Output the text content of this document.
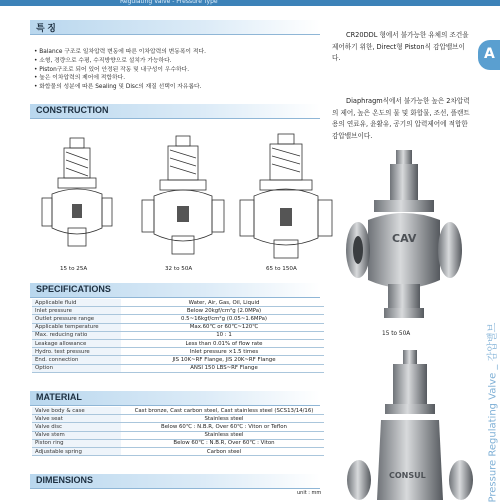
Regulating Valve - Pressure Type
특 징
• Balance 구조로 일차압력 변동에 따른 이차압력의 변동폭이 적다.
• 소형, 경량으로 수평, 수직방향으로 설치가 가능하다.
• Piston구조로 되어 있어 안정된 작동 및 내구성이 우수하다.
• 높은 이차압력의 제어에 적합하다.
• 화합물의 성분에 따른 Sealing 및 Disc의 재질 선택이 자유롭다.
CONSTRUCTION
15 to 25A	32 to 50A	65 to 150A
SPECIFICATIONS
Applicable fluid	Water, Air, Gas, Oil, Liquid
Inlet pressure	Below 20kgf/cm²g (2.0MPa)
Outlet pressure range	0.5~16kgf/cm²g (0.05~1.6MPa)
Applicable temperature	Max.60℃ or 60℃~120℃
Max. reducing ratio	10 : 1
Leakage allowance	Less than 0.01% of flow rate
Hydro. test pressure	Inlet pressure ×1.5 times
End. connection	JIS 10K~RF Flange, JIS 20K~RF Flange
Option	ANSI 150 LBS~RF Flange
MATERIAL
Valve body & case	Cast bronze, Cast carbon steel, Cast stainless steel (SCS13/14/16)
Valve seat	Stainless steel
Valve disc	Below 60℃ : N.B.R, Over 60℃ : Viton or Teflon
Valve stem	Stainless steel
Piston ring	Below 60℃ : N.B.R, Over 60℃ : Viton
Adjustable spring	Carbon steel
DIMENSIONS
unit : mm
A

CR20DDL 형에서 불가능한 유체의 조건을 제어하기 위한, Direct형 Piston식 감압밸브이다.

Diaphragm식에서 불가능한 높은 2차압력의 제어, 높은 온도의 물 및 화합물, 조선, 플랜트용의 연료유, 윤활유, 공기의 압력제어에 적합한 감압밸브이다.

CAV
15 to 50A
CONSUL	Pressure Regulating Valve _ 감압밸브
